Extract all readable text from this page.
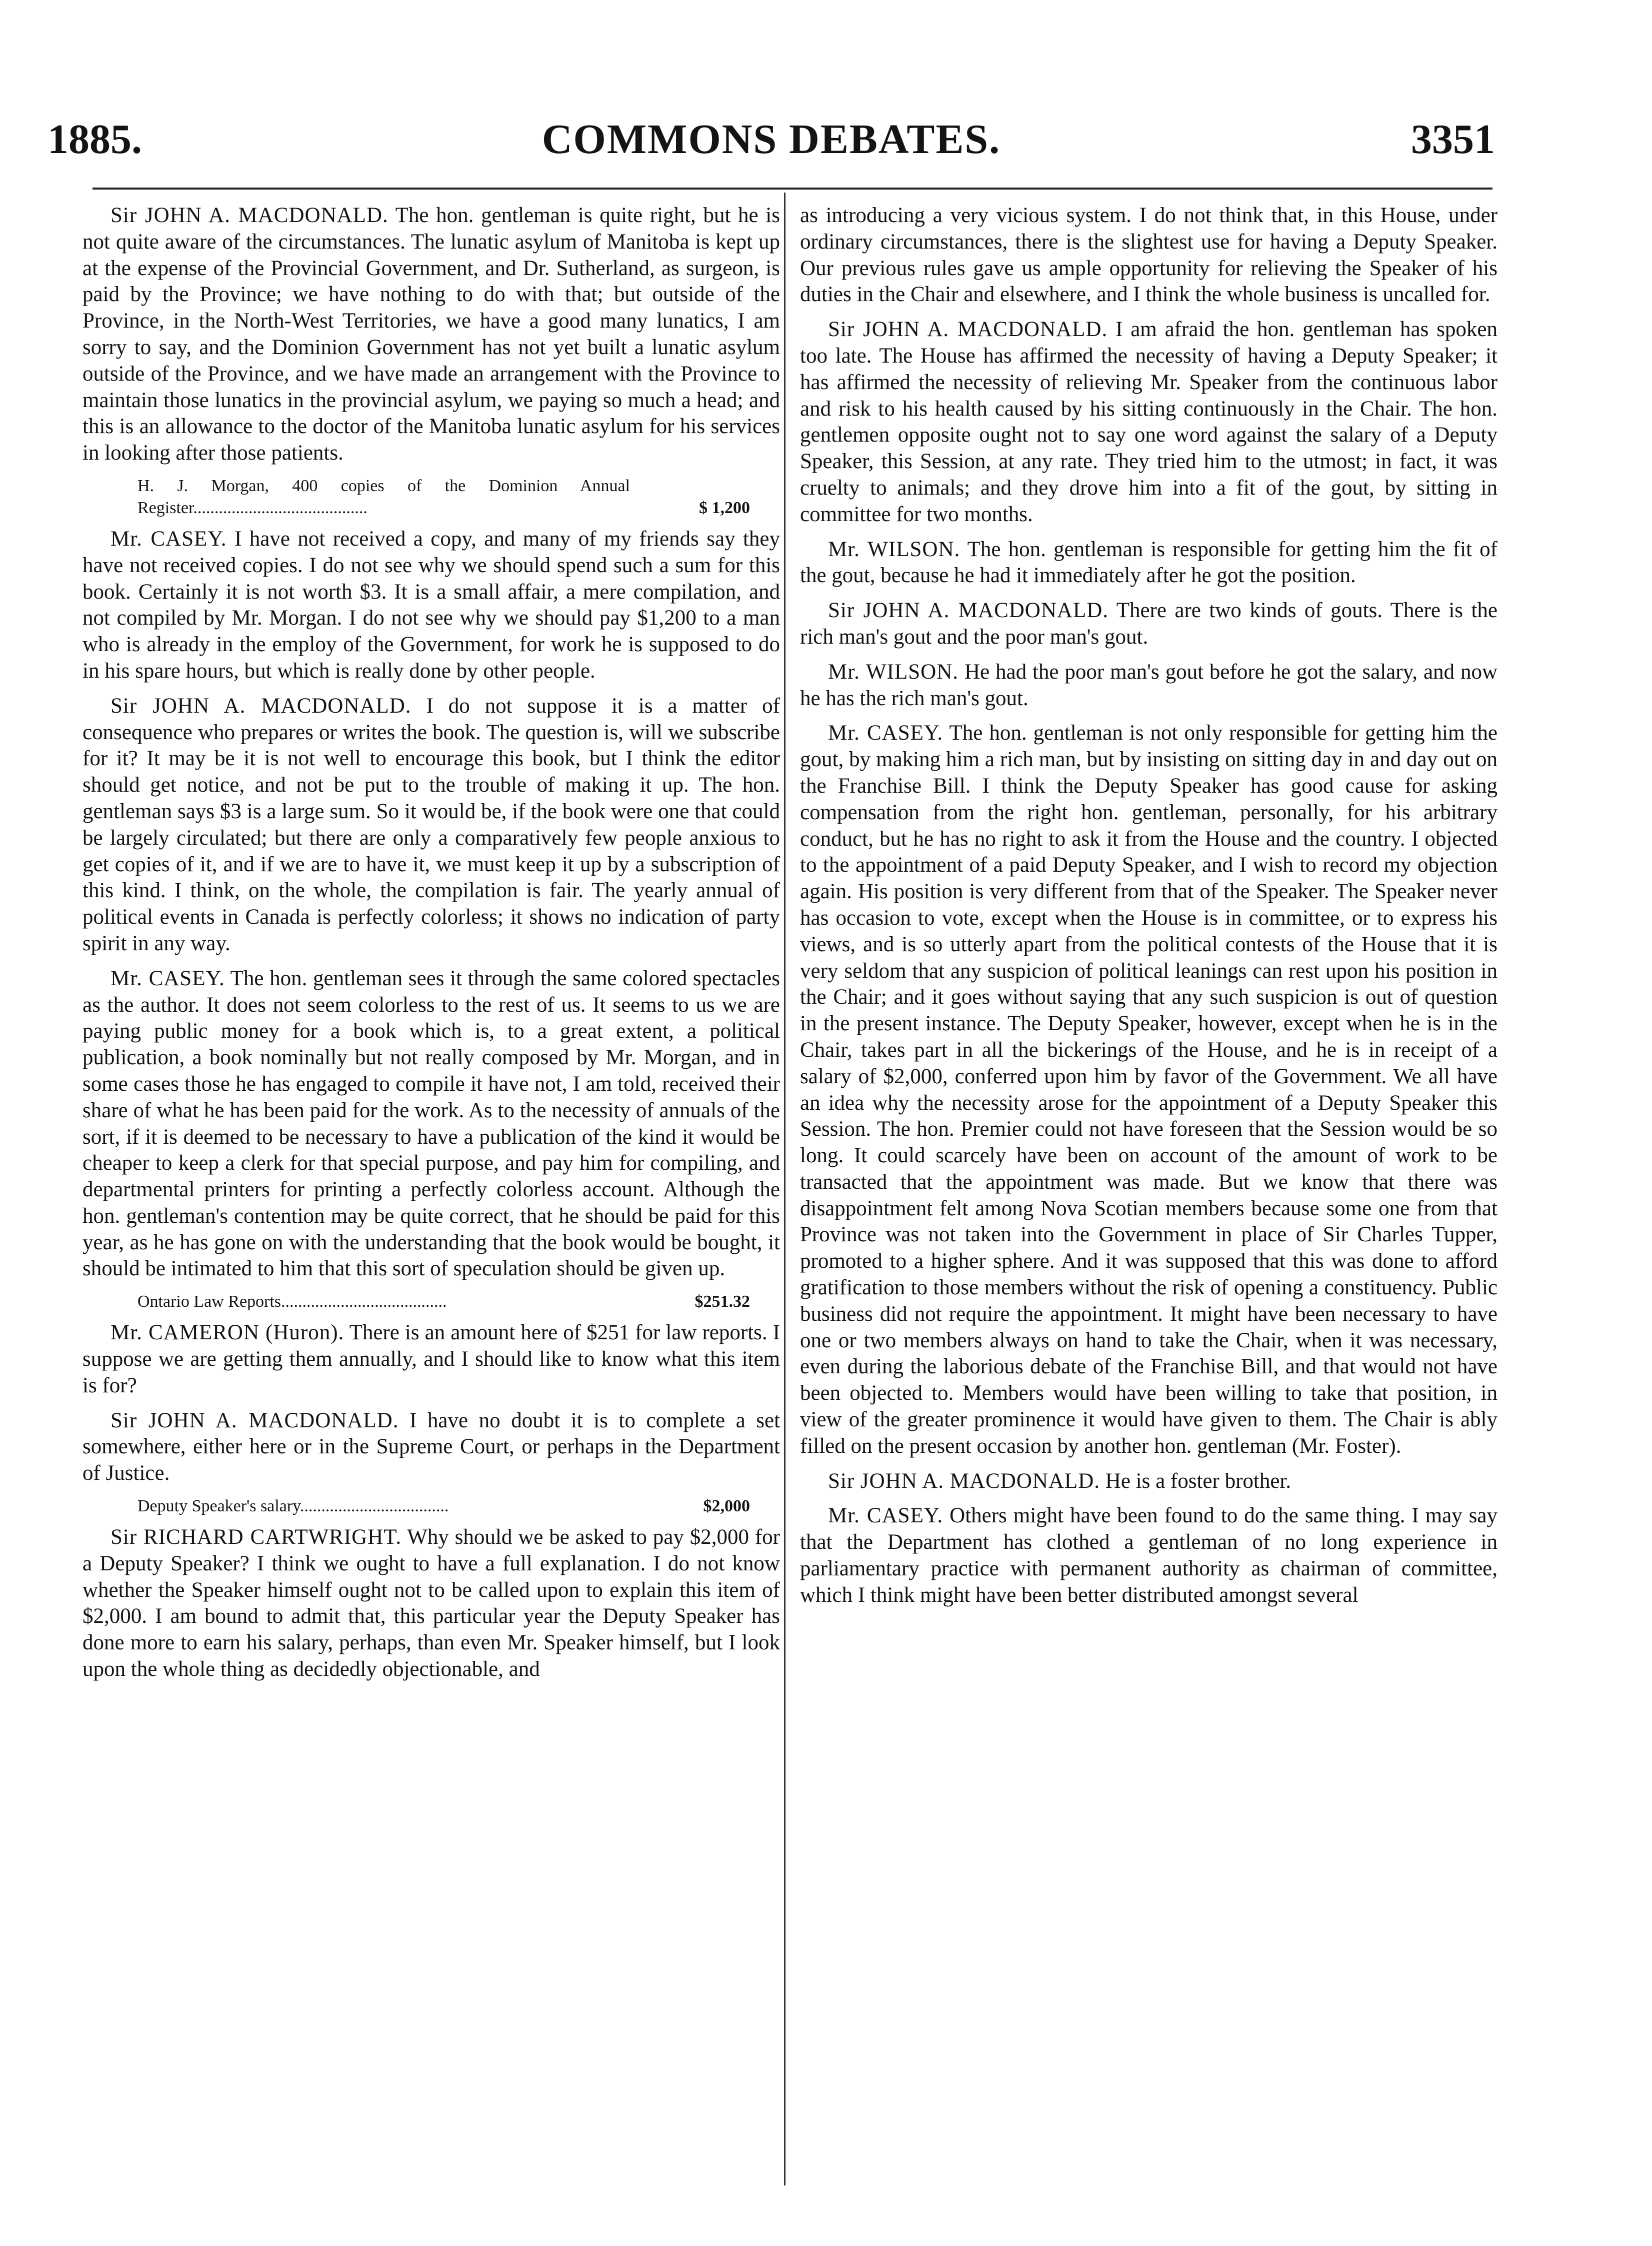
1885.	COMMONS DEBATES.	3351

Sir JOHN A. MACDONALD. The hon. gentleman is quite right, but he is not quite aware of the circumstances. The lunatic asylum of Manitoba is kept up at the expense of the Provincial Government, and Dr. Sutherland, as surgeon, is paid by the Province; we have nothing to do with that; but outside of the Province, in the North-West Territories, we have a good many lunatics, I am sorry to say, and the Dominion Government has not yet built a lunatic asylum outside of the Province, and we have made an arrangement with the Province to maintain those lunatics in the provincial asylum, we paying so much a head; and this is an allowance to the doctor of the Manitoba lunatic asylum for his services in looking after those patients.

H. J. Morgan, 400 copies of the Dominion Annual Register.........................................	$ 1,200

Mr. CASEY. I have not received a copy, and many of my friends say they have not received copies. I do not see why we should spend such a sum for this book. Certainly it is not worth $3. It is a small affair, a mere compilation, and not compiled by Mr. Morgan. I do not see why we should pay $1,200 to a man who is already in the employ of the Government, for work he is supposed to do in his spare hours, but which is really done by other people.

Sir JOHN A. MACDONALD. I do not suppose it is a matter of consequence who prepares or writes the book. The question is, will we subscribe for it? It may be it is not well to encourage this book, but I think the editor should get notice, and not be put to the trouble of making it up. The hon. gentleman says $3 is a large sum. So it would be, if the book were one that could be largely circulated; but there are only a comparatively few people anxious to get copies of it, and if we are to have it, we must keep it up by a subscription of this kind. I think, on the whole, the compilation is fair. The yearly annual of political events in Canada is perfectly colorless; it shows no indication of party spirit in any way.

Mr. CASEY. The hon. gentleman sees it through the same colored spectacles as the author. It does not seem colorless to the rest of us. It seems to us we are paying public money for a book which is, to a great extent, a political publication, a book nominally but not really composed by Mr. Morgan, and in some cases those he has engaged to compile it have not, I am told, received their share of what he has been paid for the work. As to the necessity of annuals of the sort, if it is deemed to be necessary to have a publication of the kind it would be cheaper to keep a clerk for that special purpose, and pay him for compiling, and departmental printers for printing a perfectly colorless account. Although the hon. gentleman's contention may be quite correct, that he should be paid for this year, as he has gone on with the understanding that the book would be bought, it should be intimated to him that this sort of speculation should be given up.

Ontario Law Reports.......................................	$251.32

Mr. CAMERON (Huron). There is an amount here of $251 for law reports. I suppose we are getting them annually, and I should like to know what this item is for?

Sir JOHN A. MACDONALD. I have no doubt it is to complete a set somewhere, either here or in the Supreme Court, or perhaps in the Department of Justice.

Deputy Speaker's salary...................................	$2,000

Sir RICHARD CARTWRIGHT. Why should we be asked to pay $2,000 for a Deputy Speaker? I think we ought to have a full explanation. I do not know whether the Speaker himself ought not to be called upon to explain this item of $2,000. I am bound to admit that, this particular year the Deputy Speaker has done more to earn his salary, perhaps, than even Mr. Speaker himself, but I look upon the whole thing as decidedly objectionable, and

as introducing a very vicious system. I do not think that, in this House, under ordinary circumstances, there is the slightest use for having a Deputy Speaker. Our previous rules gave us ample opportunity for relieving the Speaker of his duties in the Chair and elsewhere, and I think the whole business is uncalled for.

Sir JOHN A. MACDONALD. I am afraid the hon. gentleman has spoken too late. The House has affirmed the necessity of having a Deputy Speaker; it has affirmed the necessity of relieving Mr. Speaker from the continuous labor and risk to his health caused by his sitting continuously in the Chair. The hon. gentlemen opposite ought not to say one word against the salary of a Deputy Speaker, this Session, at any rate. They tried him to the utmost; in fact, it was cruelty to animals; and they drove him into a fit of the gout, by sitting in committee for two months.

Mr. WILSON. The hon. gentleman is responsible for getting him the fit of the gout, because he had it immediately after he got the position.

Sir JOHN A. MACDONALD. There are two kinds of gouts. There is the rich man's gout and the poor man's gout.

Mr. WILSON. He had the poor man's gout before he got the salary, and now he has the rich man's gout.

Mr. CASEY. The hon. gentleman is not only responsible for getting him the gout, by making him a rich man, but by insisting on sitting day in and day out on the Franchise Bill. I think the Deputy Speaker has good cause for asking compensation from the right hon. gentleman, personally, for his arbitrary conduct, but he has no right to ask it from the House and the country. I objected to the appointment of a paid Deputy Speaker, and I wish to record my objection again. His position is very different from that of the Speaker. The Speaker never has occasion to vote, except when the House is in committee, or to express his views, and is so utterly apart from the political contests of the House that it is very seldom that any suspicion of political leanings can rest upon his position in the Chair; and it goes without saying that any such suspicion is out of question in the present instance. The Deputy Speaker, however, except when he is in the Chair, takes part in all the bickerings of the House, and he is in receipt of a salary of $2,000, conferred upon him by favor of the Government. We all have an idea why the necessity arose for the appointment of a Deputy Speaker this Session. The hon. Premier could not have foreseen that the Session would be so long. It could scarcely have been on account of the amount of work to be transacted that the appointment was made. But we know that there was disappointment felt among Nova Scotian members because some one from that Province was not taken into the Government in place of Sir Charles Tupper, promoted to a higher sphere. And it was supposed that this was done to afford gratification to those members without the risk of opening a constituency. Public business did not require the appointment. It might have been necessary to have one or two members always on hand to take the Chair, when it was necessary, even during the laborious debate of the Franchise Bill, and that would not have been objected to. Members would have been willing to take that position, in view of the greater prominence it would have given to them. The Chair is ably filled on the present occasion by another hon. gentleman (Mr. Foster).

Sir JOHN A. MACDONALD. He is a foster brother.

Mr. CASEY. Others might have been found to do the same thing. I may say that the Department has clothed a gentleman of no long experience in parliamentary practice with permanent authority as chairman of committee, which I think might have been better distributed amongst several
